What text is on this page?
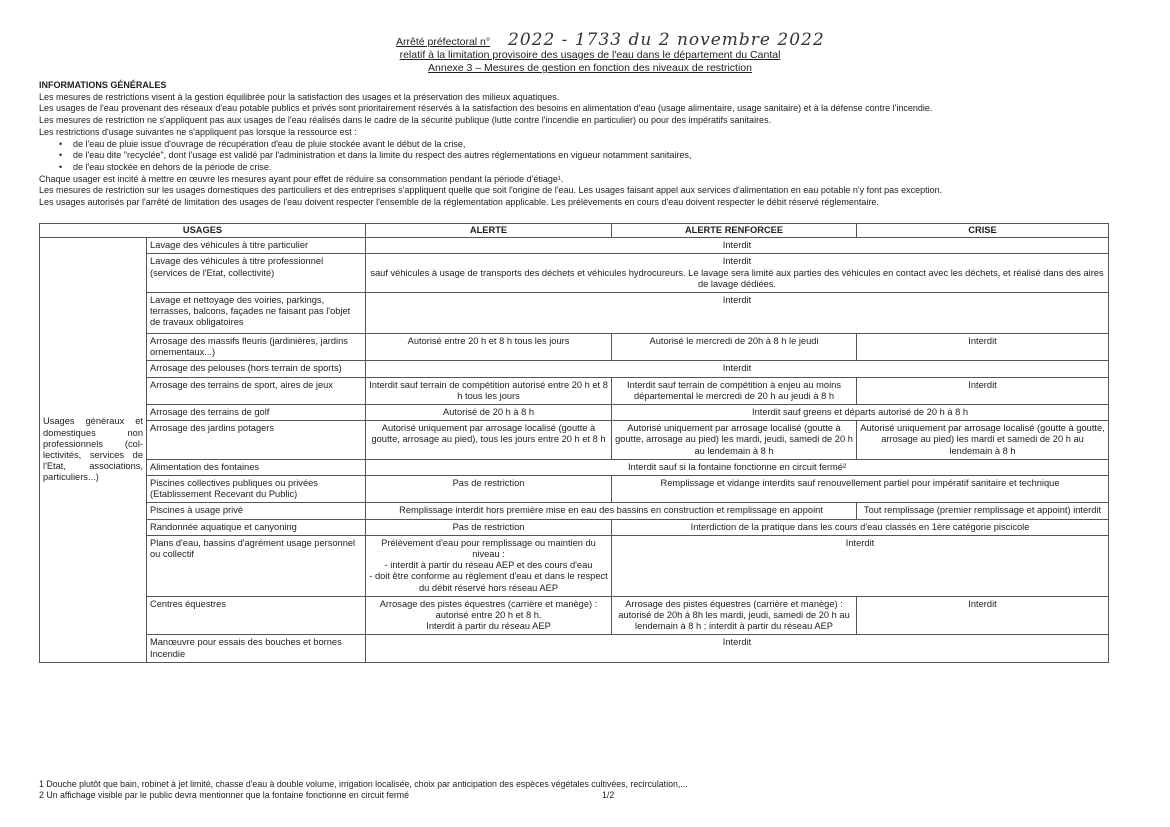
Arrêté préfectoral n°
relatif à la limitation provisoire des usages de l'eau dans le département du Cantal
Annexe 3 – Mesures de gestion en fonction des niveaux de restriction
2022 - 1733 du 2 novembre 2022
INFORMATIONS GÉNÉRALES
Les mesures de restrictions visent à la gestion équilibrée pour la satisfaction des usages et la préservation des milieux aquatiques.
Les usages de l'eau provenant des réseaux d'eau potable publics et privés sont prioritairement réservés à la satisfaction des besoins en alimentation d'eau (usage alimentaire, usage sanitaire) et à la défense contre l'incendie.
Les mesures de restriction ne s'appliquent pas aux usages de l'eau réalisés dans le cadre de la sécurité publique (lutte contre l'incendie en particulier) ou pour des impératifs sanitaires.
Les restrictions d'usage suivantes ne s'appliquent pas lorsque la ressource est :
• de l'eau de pluie issue d'ouvrage de récupération d'eau de pluie stockée avant le début de la crise,
• de l'eau dite "recyclée", dont l'usage est validé par l'administration et dans la limite du respect des autres réglementations en vigueur notamment sanitaires,
• de l'eau stockée en dehors de la période de crise.
Chaque usager est incité à mettre en œuvre les mesures ayant pour effet de réduire sa consommation pendant la période d'étiage¹.
Les mesures de restriction sur les usages domestiques des particuliers et des entreprises s'appliquent quelle que soit l'origine de l'eau. Les usages faisant appel aux services d'alimentation en eau potable n'y font pas exception.
Les usages autorisés par l'arrêté de limitation des usages de l'eau doivent respecter l'ensemble de la réglementation applicable. Les prélèvements en cours d'eau doivent respecter le débit réservé réglementaire.
USAGES		ALERTE	ALERTE RENFORCEE	CRISE
Usages généraux et domestiques non professionnels (col-lectivités, services de l'Etat, associations, particuliers...)	Lavage des véhicules à titre particulier	Interdit		
	Lavage des véhicules à titre professionnel (services de l'Etat, collectivité)	Interdit
sauf véhicules à usage de transports des déchets et véhicules hydrocureurs. Le lavage sera limité aux parties des véhicules en contact avec les déchets, et réalisé dans des aires de lavage dédiées.		
	Lavage et nettoyage des voiries, parkings, terrasses, balcons, façades ne faisant pas l'objet de travaux obligatoires	Interdit		
	Arrosage des massifs fleuris (jardinières, jardins ornementaux...)	Autorisé entre 20 h et 8 h tous les jours	Autorisé le mercredi de 20h à 8 h le jeudi	Interdit
	Arrosage des pelouses (hors terrain de sports)	Interdit		
	Arrosage des terrains de sport, aires de jeux	Interdit sauf terrain de compétition autorisé entre 20 h et 8 h tous les jours	Interdit sauf terrain de compétition à enjeu au moins départemental le mercredi de 20 h au jeudi à 8 h	Interdit
	Arrosage des terrains de golf	Autorisé de 20 h à 8 h	Interdit sauf greens et départs autorisé de 20 h à 8 h	
	Arrosage des jardins potagers	Autorisé uniquement par arrosage localisé (goutte à goutte, arrosage au pied), tous les jours entre 20 h et 8 h	Autorisé uniquement par arrosage localisé (goutte à goutte, arrosage au pied) les mardi, jeudi, samedi de 20 h au lendemain à 8 h	Autorisé uniquement par arrosage localisé (goutte à goutte, arrosage au pied) les mardi et samedi de 20 h au lendemain à 8 h
	Alimentation des fontaines	Interdit sauf si la fontaine fonctionne en circuit fermé²		
	Piscines collectives publiques ou privées (Etablissement Recevant du Public)	Pas de restriction	Remplissage et vidange interdits sauf renouvellement partiel pour impératif sanitaire et technique	
	Piscines à usage privé	Remplissage interdit hors première mise en eau des bassins en construction et remplissage en appoint		Tout remplissage (premier remplissage et appoint) interdit
	Randonnée aquatique et canyoning	Pas de restriction	Interdiction de la pratique dans les cours d'eau classés en 1ère catégorie piscicole	
	Plans d'eau, bassins d'agrément usage personnel ou collectif	Prélèvement d'eau pour remplissage ou maintien du niveau :
- interdit à partir du réseau AEP et des cours d'eau
- doit être conforme au règlement d'eau et dans le respect du débit réservé hors réseau AEP	Interdit	
	Centres équestres	Arrosage des pistes équestres (carrière et manège) : autorisé entre 20 h et 8 h.
Interdit à partir du réseau AEP	Arrosage des pistes équestres (carrière et manège) : autorisé de 20h à 8h les mardi, jeudi, samedi de 20 h au lendemain à 8 h ; interdit à partir du réseau AEP	Interdit
	Manœuvre pour essais des bouches et bornes Incendie	Interdit		
1 Douche plutôt que bain, robinet à jet limité, chasse d'eau à double volume, irrigation localisée, choix par anticipation des espèces végétales cultivées, recirculation,...
2 Un affichage visible par le public devra mentionner que la fontaine fonctionne en circuit fermé	1/2
